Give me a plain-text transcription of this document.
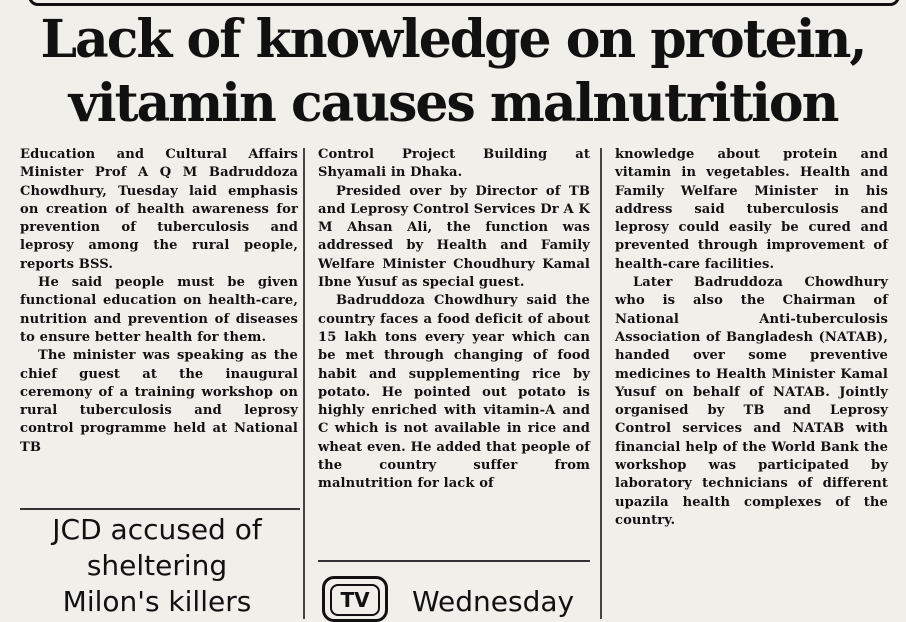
Lack of knowledge on protein,
vitamin causes malnutrition

Education and Cultural Affairs Minister Prof A Q M Badruddoza Chowdhury, Tuesday laid emphasis on creation of health awareness for prevention of tuberculosis and leprosy among the rural people, reports BSS.

He said people must be given functional education on health-care, nutrition and prevention of diseases to ensure better health for them.

The minister was speaking as the chief guest at the inaugural ceremony of a training workshop on rural tuberculosis and leprosy control programme held at National TB

Control Project Building at Shyamali in Dhaka.

Presided over by Director of TB and Leprosy Control Services Dr A K M Ahsan Ali, the function was addressed by Health and Family Welfare Minister Choudhury Kamal Ibne Yusuf as special guest.

Badruddoza Chowdhury said the country faces a food deficit of about 15 lakh tons every year which can be met through changing of food habit and supplementing rice by potato. He pointed out potato is highly enriched with vitamin-A and C which is not available in rice and wheat even. He added that people of the country suffer from malnutrition for lack of

knowledge about protein and vitamin in vegetables. Health and Family Welfare Minister in his address said tuberculosis and leprosy could easily be cured and prevented through improvement of health-care facilities.

Later Badruddoza Chowdhury who is also the Chairman of National Anti-tuberculosis Association of Bangladesh (NATAB), handed over some preventive medicines to Health Minister Kamal Yusuf on behalf of NATAB. Jointly organised by TB and Leprosy Control services and NATAB with financial help of the World Bank the workshop was participated by laboratory technicians of different upazila health complexes of the country.

JCD accused of
sheltering
Milon's killers	TV	Wednesday
